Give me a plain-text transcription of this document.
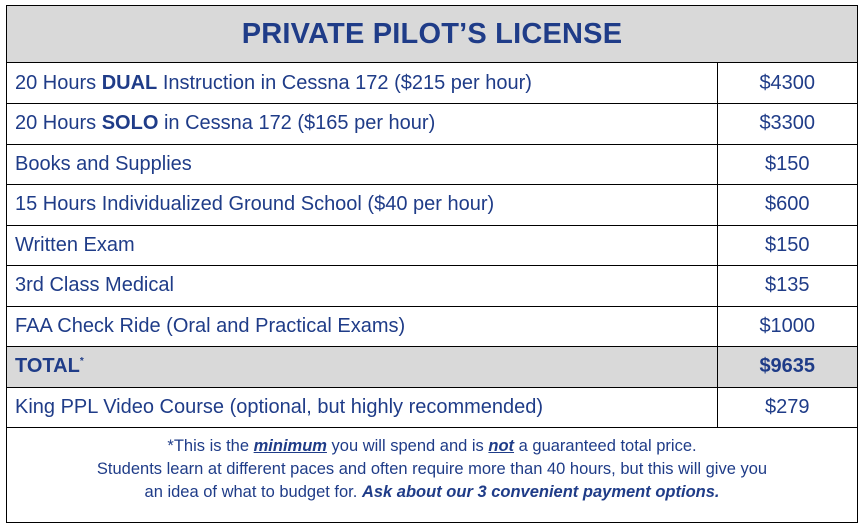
PRIVATE PILOT’S LICENSE
20 Hours DUAL Instruction in Cessna 172 ($215 per hour)	$4300
20 Hours SOLO in Cessna 172 ($165 per hour)	$3300
Books and Supplies	$150
15 Hours Individualized Ground School ($40 per hour)	$600
Written Exam	$150
3rd Class Medical	$135
FAA Check Ride (Oral and Practical Exams)	$1000
TOTAL*	$9635
King PPL Video Course (optional, but highly recommended)	$279
*This is the minimum you will spend and is not a guaranteed total price.
Students learn at different paces and often require more than 40 hours, but this will give you
an idea of what to budget for. Ask about our 3 convenient payment options.
